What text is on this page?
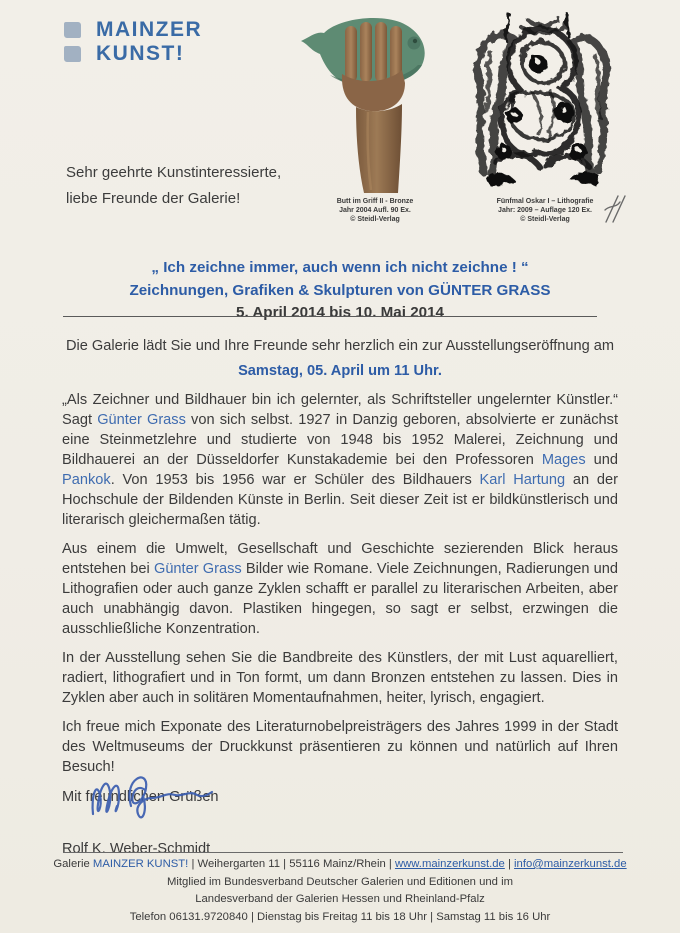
MAINZER
KUNST!
Butt im Griff II - Bronze
Jahr 2004 Aufl. 90 Ex.
© Steidl-Verlag
Fünfmal Oskar I – Lithografie
Jahr: 2009 – Auflage 120 Ex.
© Steidl-Verlag
Sehr geehrte Kunstinteressierte,
liebe Freunde der Galerie!
„ Ich zeichne immer, auch wenn ich nicht zeichne ! “
Zeichnungen, Grafiken & Skulpturen von GÜNTER GRASS
5. April 2014 bis 10. Mai 2014

Die Galerie lädt Sie und Ihre Freunde sehr herzlich ein zur Ausstellungseröffnung am

Samstag, 05. April um 11 Uhr.

„Als Zeichner und Bildhauer bin ich gelernter, als Schriftsteller ungelernter Künstler.“ Sagt Günter Grass von sich selbst. 1927 in Danzig geboren, absolvierte er zunächst eine Steinmetzlehre und studierte von 1948 bis 1952 Malerei, Zeichnung und Bildhauerei an der Düsseldorfer Kunstakademie bei den Professoren Mages und Pankok. Von 1953 bis 1956 war er Schüler des Bildhauers Karl Hartung an der Hochschule der Bildenden Künste in Berlin. Seit dieser Zeit ist er bildkünstlerisch und literarisch gleichermaßen tätig.

Aus einem die Umwelt, Gesellschaft und Geschichte sezierenden Blick heraus entstehen bei Günter Grass Bilder wie Romane. Viele Zeichnungen, Radierungen und Lithografien oder auch ganze Zyklen schafft er parallel zu literarischen Arbeiten, aber auch unabhängig davon. Plastiken hingegen, so sagt er selbst, erzwingen die ausschließliche Konzentration.

In der Ausstellung sehen Sie die Bandbreite des Künstlers, der mit Lust aquarelliert, radiert, lithografiert und in Ton formt, um dann Bronzen entstehen zu lassen. Dies in Zyklen aber auch in solitären Momentaufnahmen, heiter, lyrisch, engagiert.

Ich freue mich Exponate des Literaturnobelpreisträgers des Jahres 1999 in der Stadt des Weltmuseums der Druckkunst präsentieren zu können und natürlich auf Ihren Besuch!

Mit freundlichen Grüßen

Rolf K. Weber-Schmidt

Galerie MAINZER KUNST! | Weihergarten 11 | 55116 Mainz/Rhein | www.mainzerkunst.de | info@mainzerkunst.de
Mitglied im Bundesverband Deutscher Galerien und Editionen und im
Landesverband der Galerien Hessen und Rheinland-Pfalz
Telefon 06131.9720840 | Dienstag bis Freitag 11 bis 18 Uhr | Samstag 11 bis 16 Uhr
